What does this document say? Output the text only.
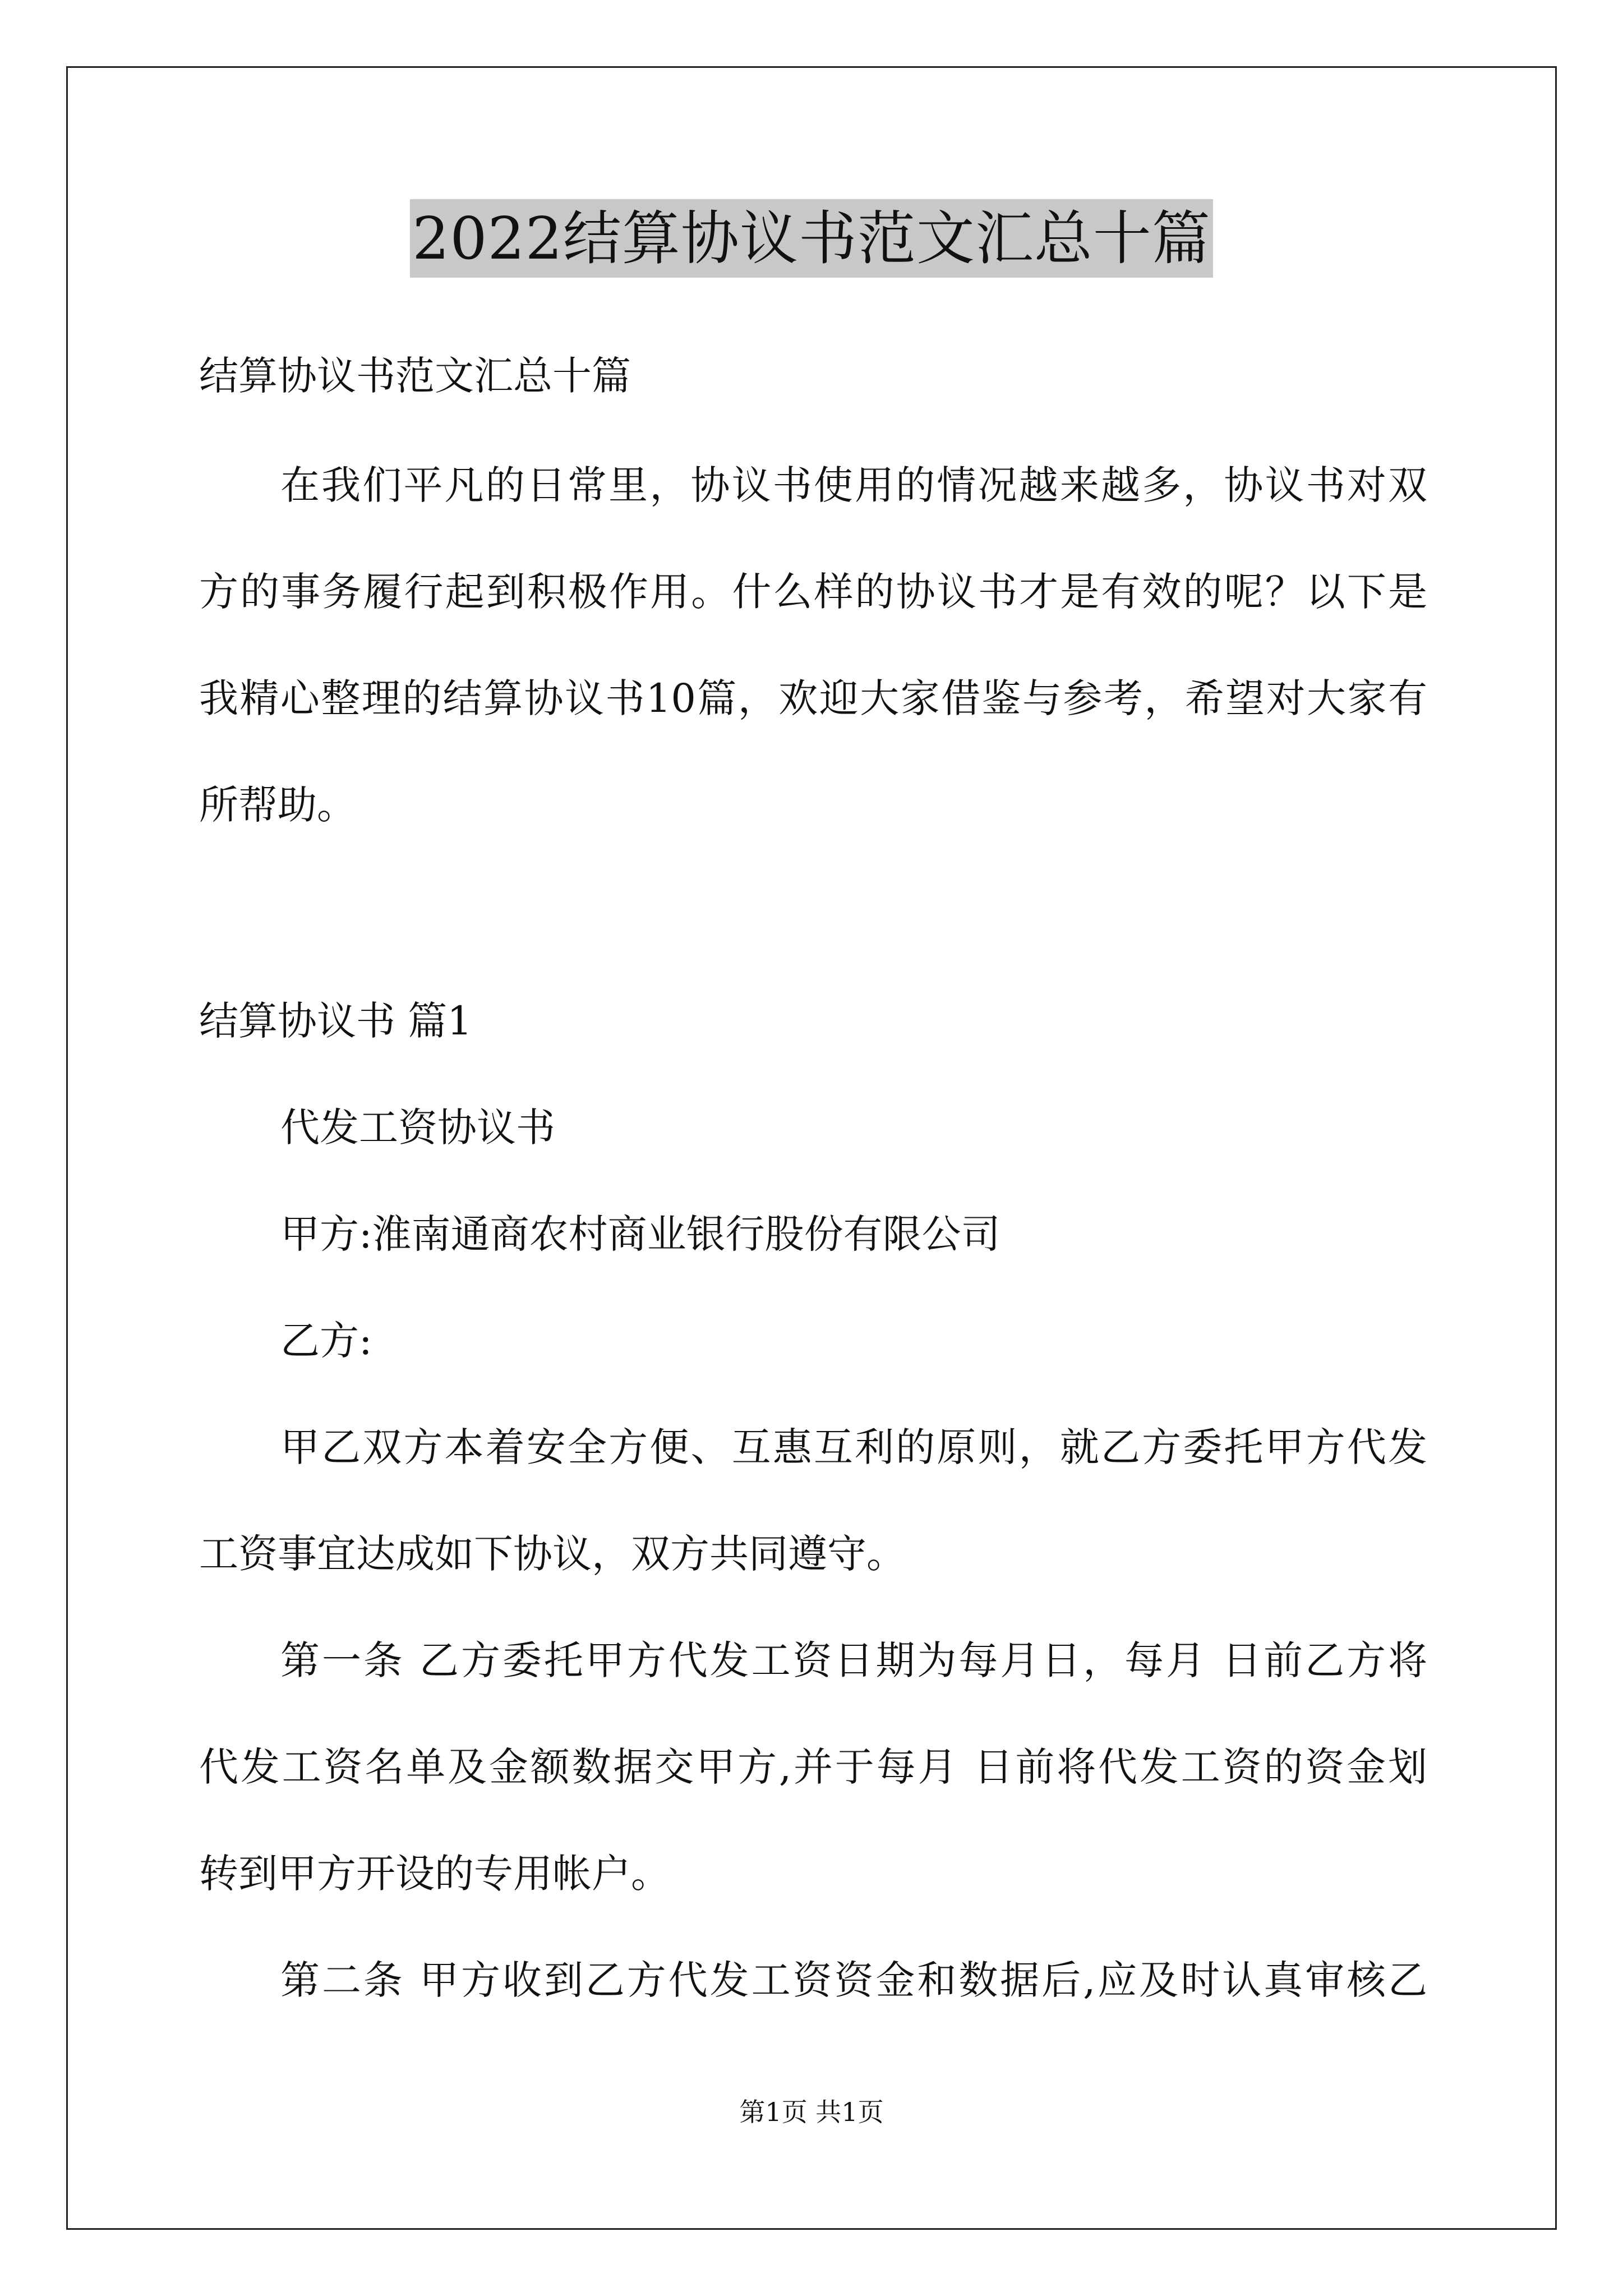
2022结算协议书范文汇总十篇
结算协议书范文汇总十篇
在我们平凡的日常里，协议书使用的情况越来越多，协议书对双
方的事务履行起到积极作用。什么样的协议书才是有效的呢？以下是
我精心整理的结算协议书10篇，欢迎大家借鉴与参考，希望对大家有
所帮助。
结算协议书 篇1
代发工资协议书
甲方:淮南通商农村商业银行股份有限公司
乙方:
甲乙双方本着安全方便、互惠互利的原则，就乙方委托甲方代发
工资事宜达成如下协议，双方共同遵守。
第一条 乙方委托甲方代发工资日期为每月日，每月 日前乙方将
代发工资名单及金额数据交甲方,并于每月 日前将代发工资的资金划
转到甲方开设的专用帐户。
第二条 甲方收到乙方代发工资资金和数据后,应及时认真审核乙
第1页 共1页
